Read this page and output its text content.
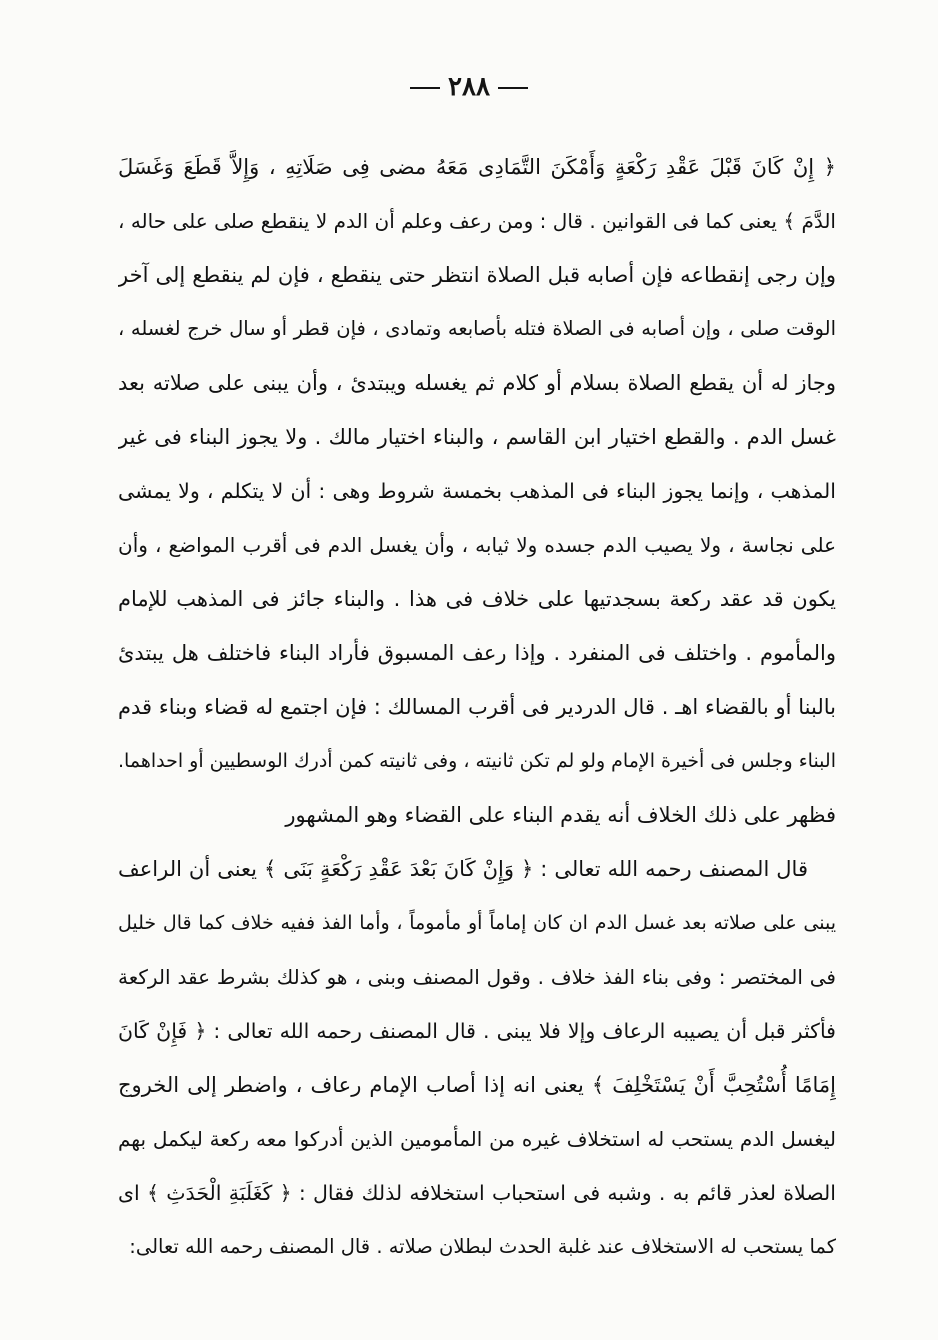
٢٨٨
﴿ إِنْ كَانَ قَبْلَ عَقْدِ رَكْعَةٍ وَأَمْكَنَ التَّمَادِى مَعَهُ مضى فِى صَلَاتِهِ ، وَإِلاَّ قَطَعَ وَغَسَلَ
الدَّمَ ﴾ يعنى كما فى القوانين . قال : ومن رعف وعلم أن الدم لا ينقطع صلى على حاله ،
وإن رجى إنقطاعه فإن أصابه قبل الصلاة انتظر حتى ينقطع ، فإن لم ينقطع إلى آخر
الوقت صلى ، وإن أصابه فى الصلاة فتله بأصابعه وتمادى ، فإن قطر أو سال خرج لغسله ،
وجاز له أن يقطع الصلاة بسلام أو كلام ثم يغسله ويبتدئ ، وأن يبنى على صلاته بعد
غسل الدم . والقطع اختيار ابن القاسم ، والبناء اختيار مالك . ولا يجوز البناء فى غير
المذهب ، وإنما يجوز البناء فى المذهب بخمسة شروط وهى : أن لا يتكلم ، ولا يمشى
على نجاسة ، ولا يصيب الدم جسده ولا ثيابه ، وأن يغسل الدم فى أقرب المواضع ، وأن
يكون قد عقد ركعة بسجدتيها على خلاف فى هذا . والبناء جائز فى المذهب للإمام
والمأموم . واختلف فى المنفرد . وإذا رعف المسبوق فأراد البناء فاختلف هل يبتدئ
بالبنا أو بالقضاء اهـ . قال الدردير فى أقرب المسالك : فإن اجتمع له قضاء وبناء قدم
البناء وجلس فى أخيرة الإمام ولو لم تكن ثانيته ، وفى ثانيته كمن أدرك الوسطيين أو احداهما.
فظهر على ذلك الخلاف أنه يقدم البناء على القضاء وهو المشهور
قال المصنف رحمه الله تعالى : ﴿ وَإِنْ كَانَ بَعْدَ عَقْدِ رَكْعَةٍ بَنَى ﴾ يعنى أن الراعف
يبنى على صلاته بعد غسل الدم ان كان إماماً أو مأموماً ، وأما الفذ ففيه خلاف كما قال خليل
فى المختصر : وفى بناء الفذ خلاف . وقول المصنف وبنى ، هو كذلك بشرط عقد الركعة
فأكثر قبل أن يصيبه الرعاف وإلا فلا يبنى . قال المصنف رحمه الله تعالى : ﴿ فَإِنْ كَانَ
إِمَامًا أُسْتُحِبَّ أَنْ يَسْتَخْلِفَ ﴾ يعنى انه إذا أصاب الإمام رعاف ، واضطر إلى الخروج
ليغسل الدم يستحب له استخلاف غيره من المأمومين الذين أدركوا معه ركعة ليكمل بهم
الصلاة لعذر قائم به . وشبه فى استحباب استخلافه لذلك فقال : ﴿ كَغَلَبَةِ الْحَدَثِ ﴾ اى
كما يستحب له الاستخلاف عند غلبة الحدث لبطلان صلاته . قال المصنف رحمه الله تعالى:
